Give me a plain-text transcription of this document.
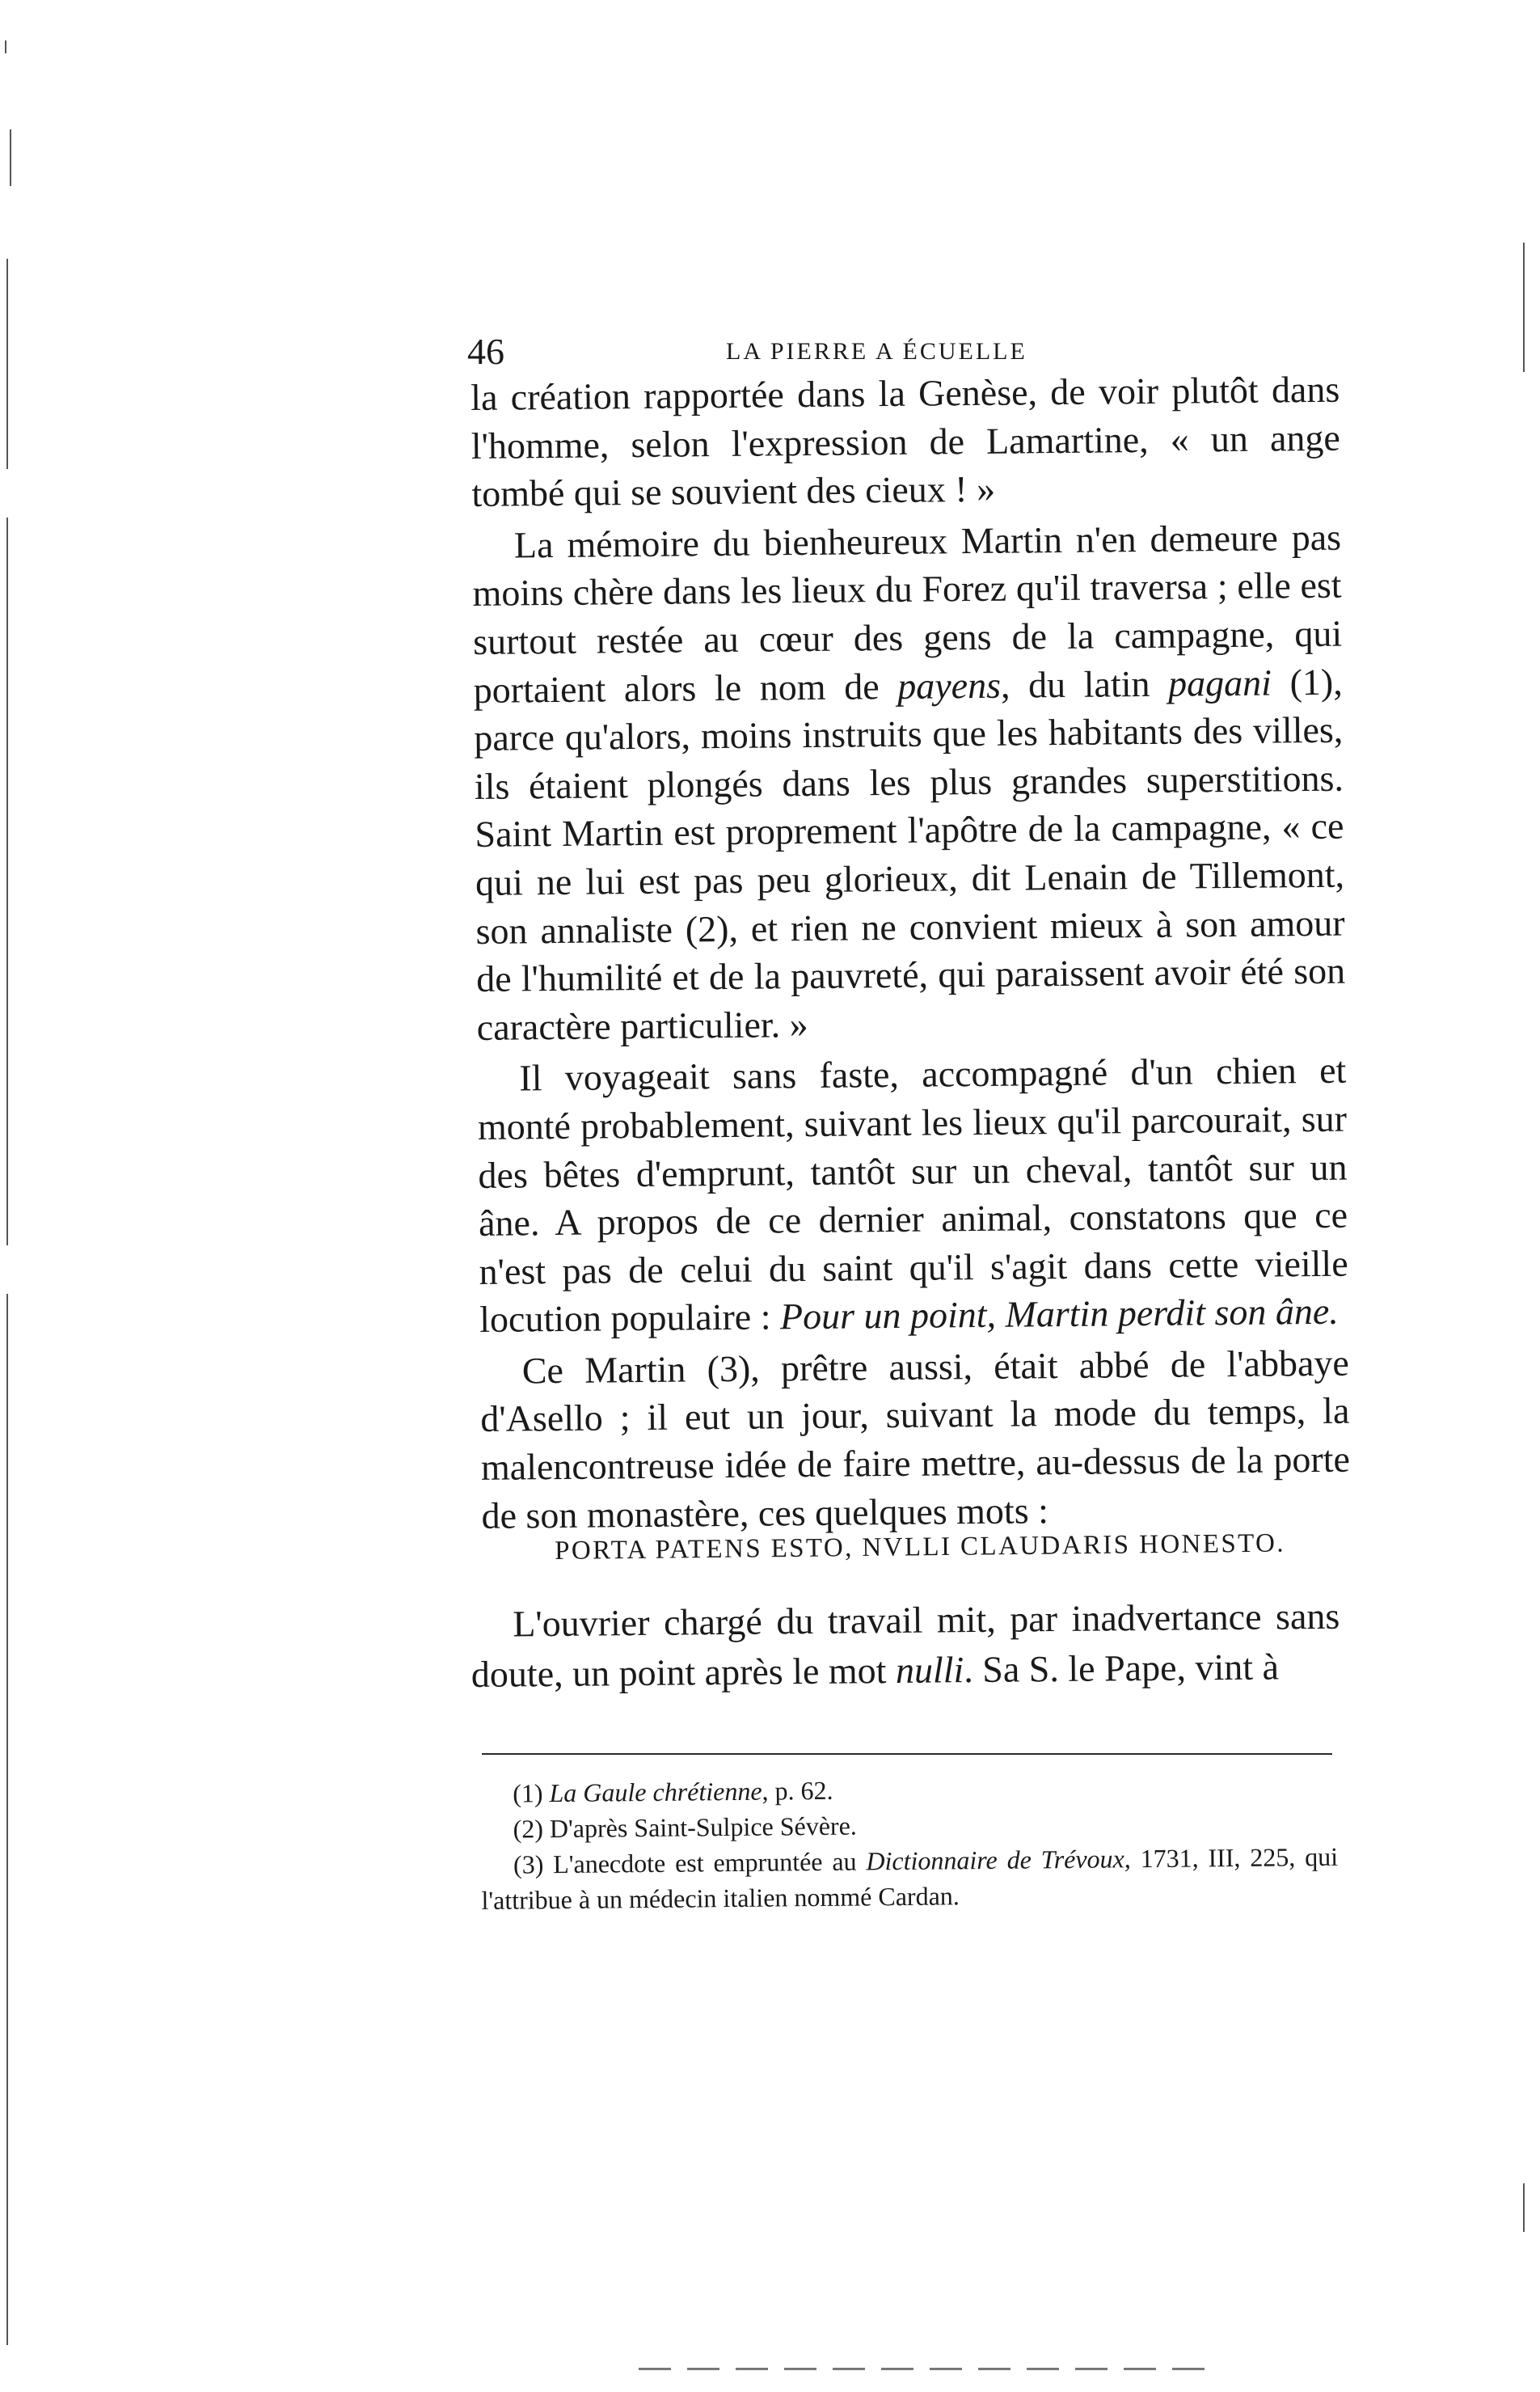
46	LA PIERRE A ÉCUELLE

la création rapportée dans la Genèse, de voir plutôt dans l'homme, selon l'expression de Lamartine, « un ange tombé qui se souvient des cieux ! »

La mémoire du bienheureux Martin n'en demeure pas moins chère dans les lieux du Forez qu'il traversa ; elle est surtout restée au cœur des gens de la campagne, qui portaient alors le nom de payens, du latin pagani (1), parce qu'alors, moins instruits que les habitants des villes, ils étaient plongés dans les plus grandes superstitions. Saint Martin est proprement l'apôtre de la campagne, « ce qui ne lui est pas peu glorieux, dit Lenain de Tillemont, son annaliste (2), et rien ne convient mieux à son amour de l'humilité et de la pauvreté, qui paraissent avoir été son caractère particulier. »

Il voyageait sans faste, accompagné d'un chien et monté probablement, suivant les lieux qu'il parcourait, sur des bêtes d'emprunt, tantôt sur un cheval, tantôt sur un âne. A propos de ce dernier animal, constatons que ce n'est pas de celui du saint qu'il s'agit dans cette vieille locution populaire : Pour un point, Martin perdit son âne.

Ce Martin (3), prêtre aussi, était abbé de l'abbaye d'Asello ; il eut un jour, suivant la mode du temps, la malencontreuse idée de faire mettre, au-dessus de la porte de son monastère, ces quelques mots :

PORTA PATENS ESTO, NVLLI CLAUDARIS HONESTO.

L'ouvrier chargé du travail mit, par inadvertance sans doute, un point après le mot nulli. Sa S. le Pape, vint à

(1) La Gaule chrétienne, p. 62.

(2) D'après Saint-Sulpice Sévère.

(3) L'anecdote est empruntée au Dictionnaire de Trévoux, 1731, III, 225, qui l'attribue à un médecin italien nommé Cardan.
